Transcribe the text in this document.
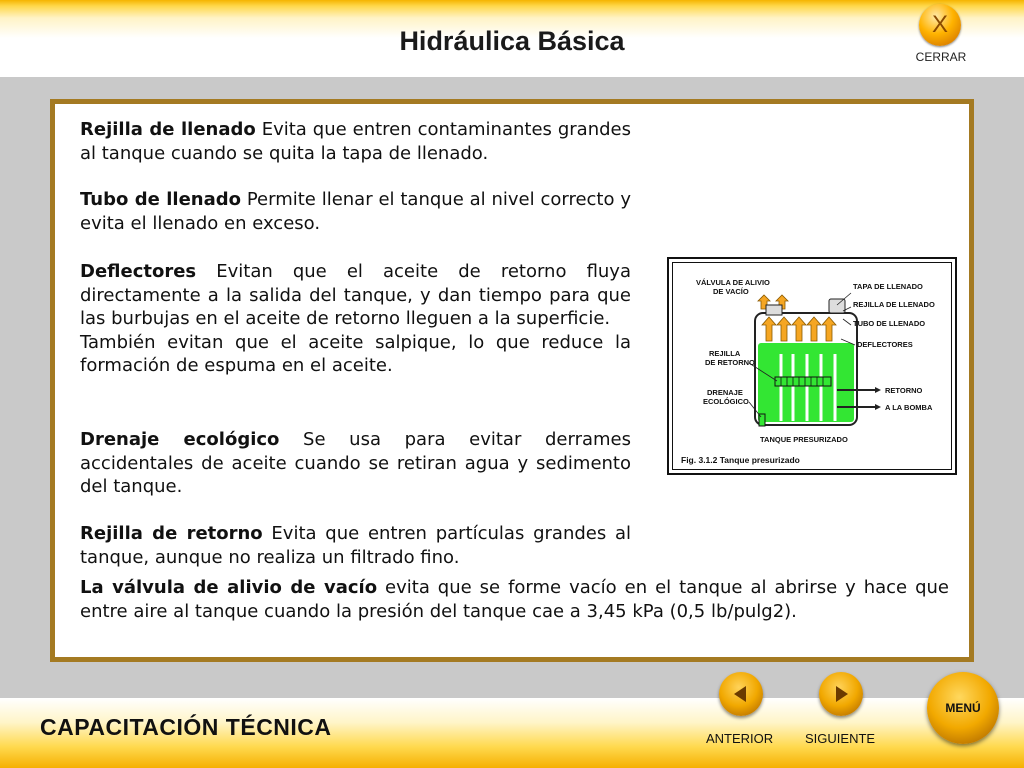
Hidráulica Básica
X
CERRAR
Rejilla de llenado Evita que entren contaminantes grandes al tanque cuando se quita la tapa de llenado.
Tubo de llenado Permite llenar el tanque al nivel correcto y evita el llenado en exceso.
Deflectores Evitan que el aceite de retorno fluya directamente a la salida del tanque, y dan tiempo para que las burbujas en el aceite de retorno lleguen a la superficie.
También evitan que el aceite salpique, lo que reduce la formación de espuma en el aceite.
Drenaje ecológico Se usa para evitar derrames accidentales de aceite cuando se retiran agua y sedimento del tanque.
Rejilla de retorno Evita que entren partículas grandes al tanque, aunque no realiza un filtrado fino.
La válvula de alivio de vacío evita que se forme vacío en el tanque al abrirse y hace que entre aire al tanque cuando la presión del tanque cae a 3,45 kPa (0,5 lb/pulg2).
VÁLVULA DE ALIVIO
DE VACÍO
TAPA DE LLENADO
REJILLA DE LLENADO
TUBO DE LLENADO
DEFLECTORES
REJILLA
DE RETORNO
DRENAJE
ECOLÓGICO
RETORNO
A LA BOMBA
TANQUE PRESURIZADO
Fig. 3.1.2 Tanque presurizado
CAPACITACIÓN TÉCNICA	ANTERIOR SIGUIENTE
MENÚ
